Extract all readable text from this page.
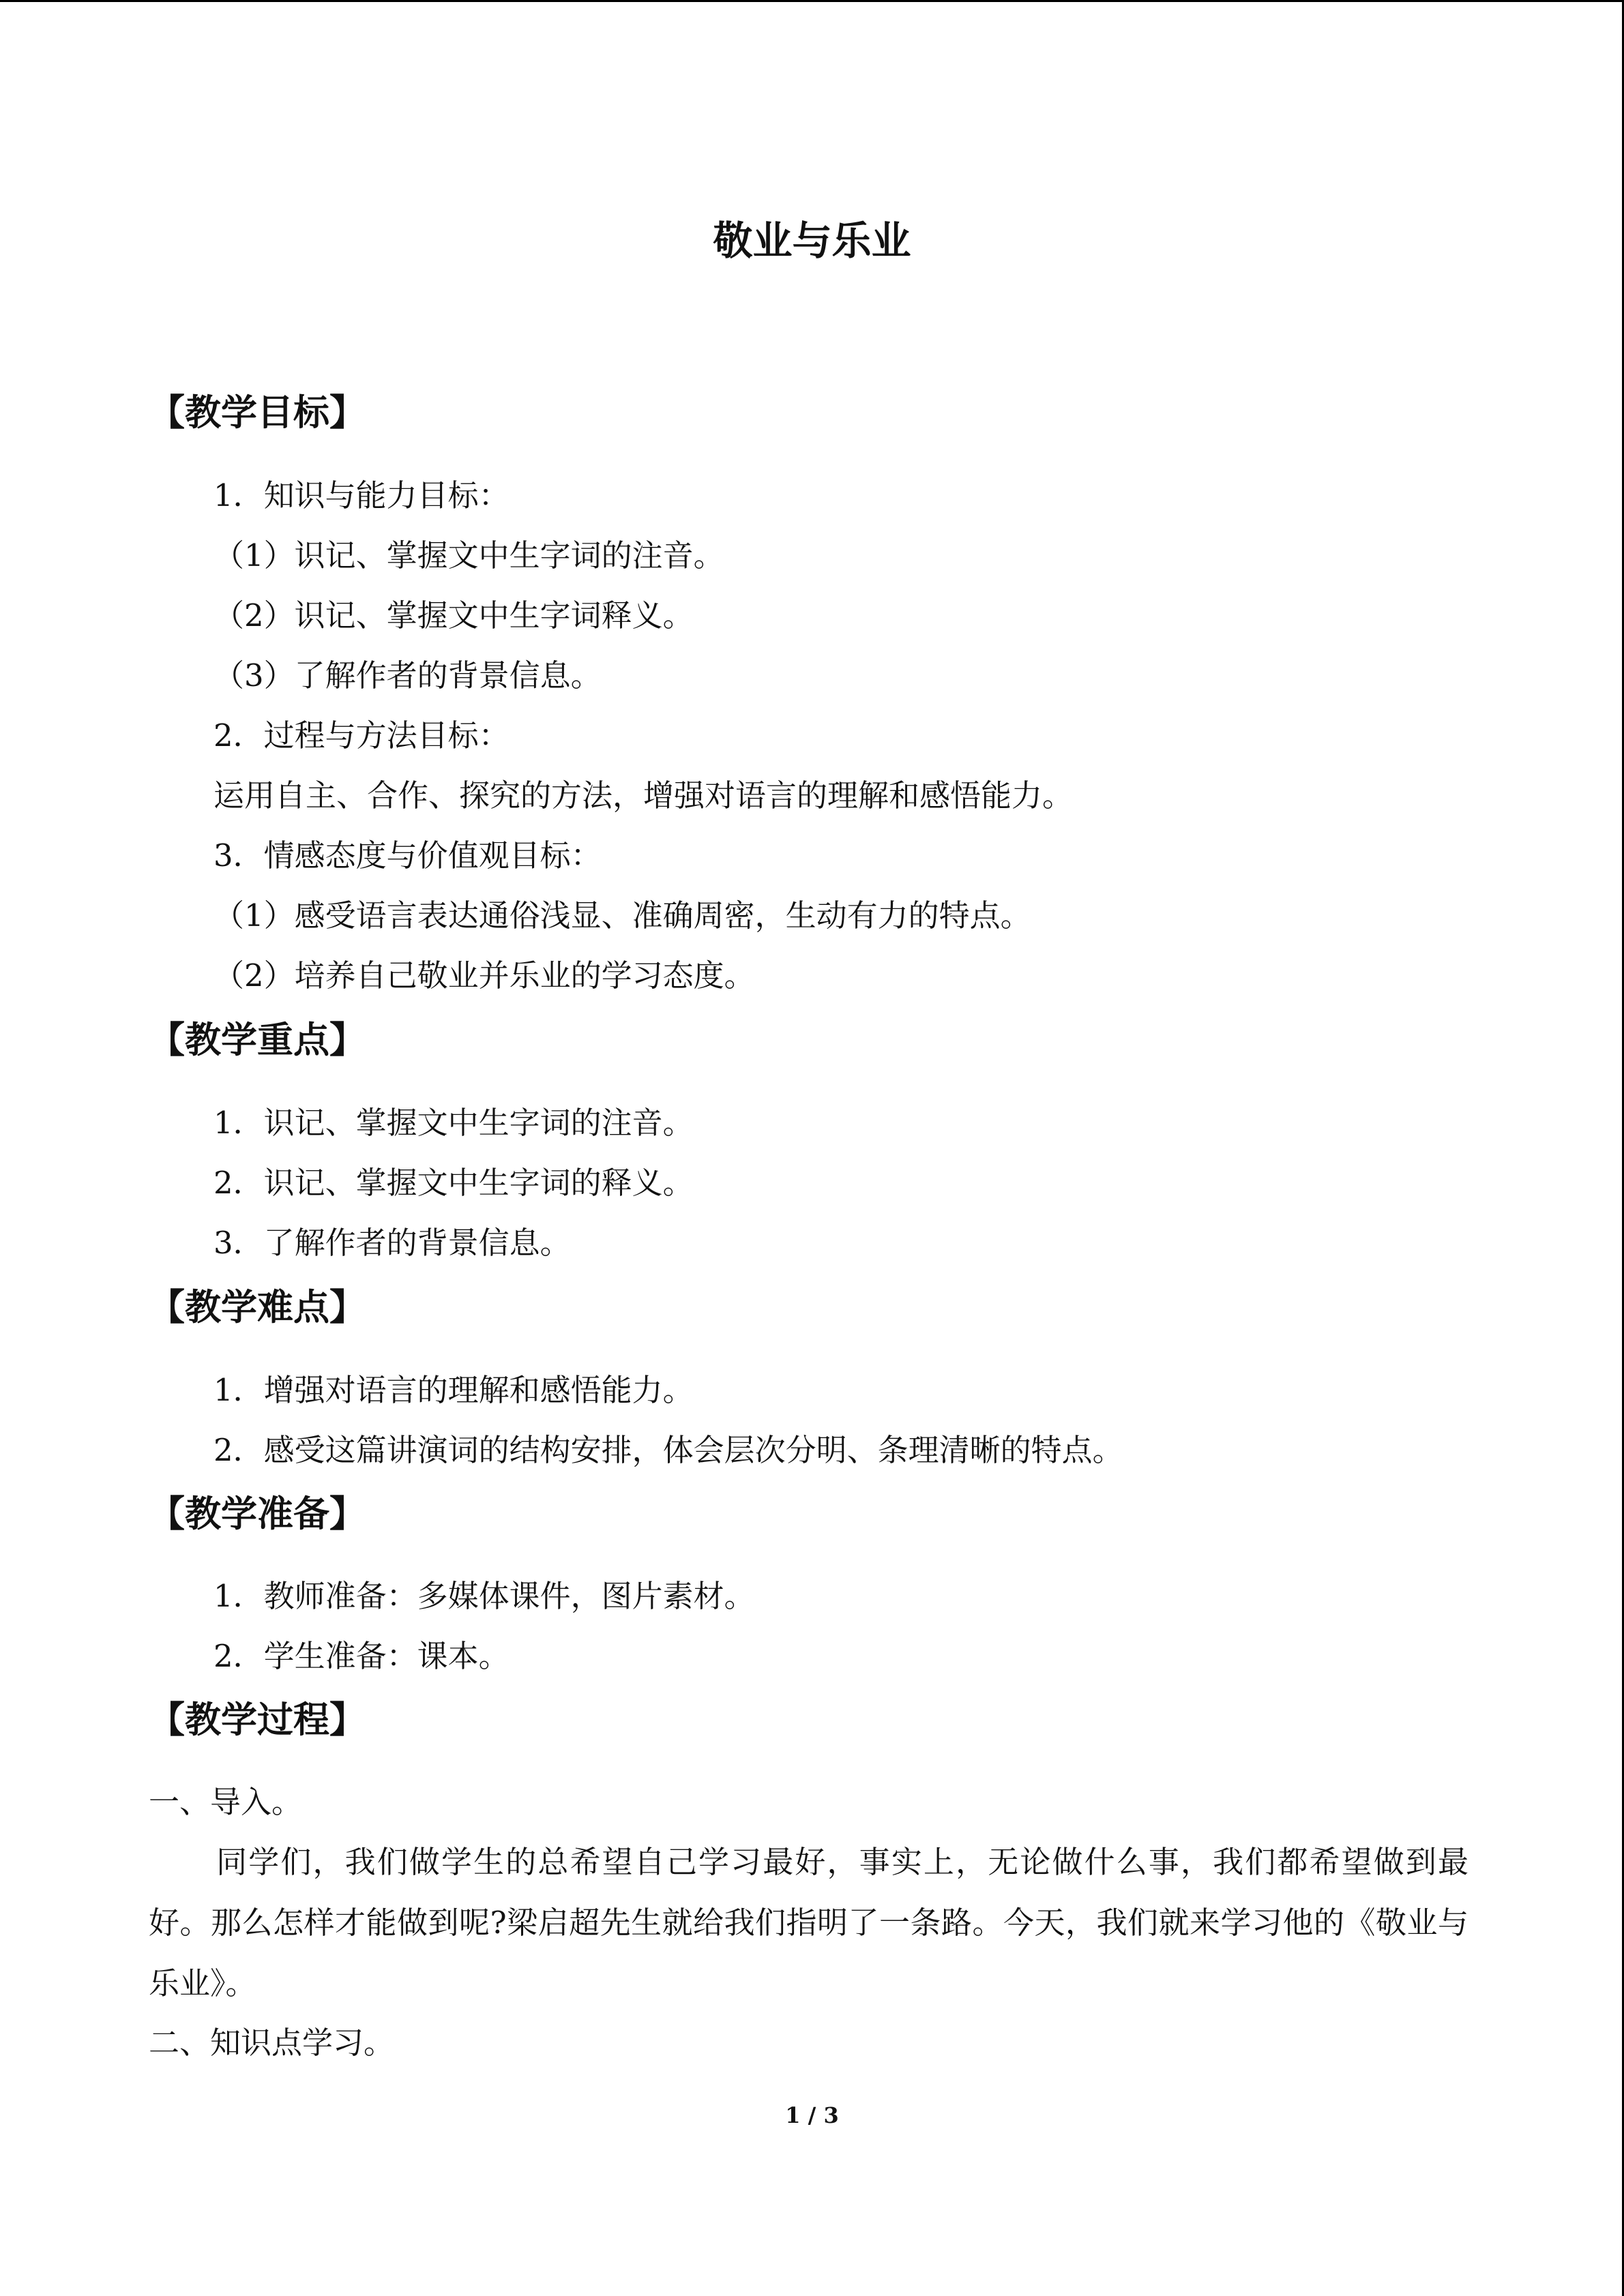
敬业与乐业
【教学目标】
1．知识与能力目标：
（1）识记、掌握文中生字词的注音。
（2）识记、掌握文中生字词释义。
（3）了解作者的背景信息。
2．过程与方法目标：
运用自主、合作、探究的方法，增强对语言的理解和感悟能力。
3．情感态度与价值观目标：
（1）感受语言表达通俗浅显、准确周密，生动有力的特点。
（2）培养自己敬业并乐业的学习态度。
【教学重点】
1．识记、掌握文中生字词的注音。
2．识记、掌握文中生字词的释义。
3．了解作者的背景信息。
【教学难点】
1．增强对语言的理解和感悟能力。
2．感受这篇讲演词的结构安排，体会层次分明、条理清晰的特点。
【教学准备】
1．教师准备：多媒体课件，图片素材。
2．学生准备：课本。
【教学过程】
一、导入。
同学们，我们做学生的总希望自己学习最好，事实上，无论做什么事，我们都希望做到最好。那么怎样才能做到呢?梁启超先生就给我们指明了一条路。今天，我们就来学习他的《敬业与乐业》。
二、知识点学习。
1 / 3
